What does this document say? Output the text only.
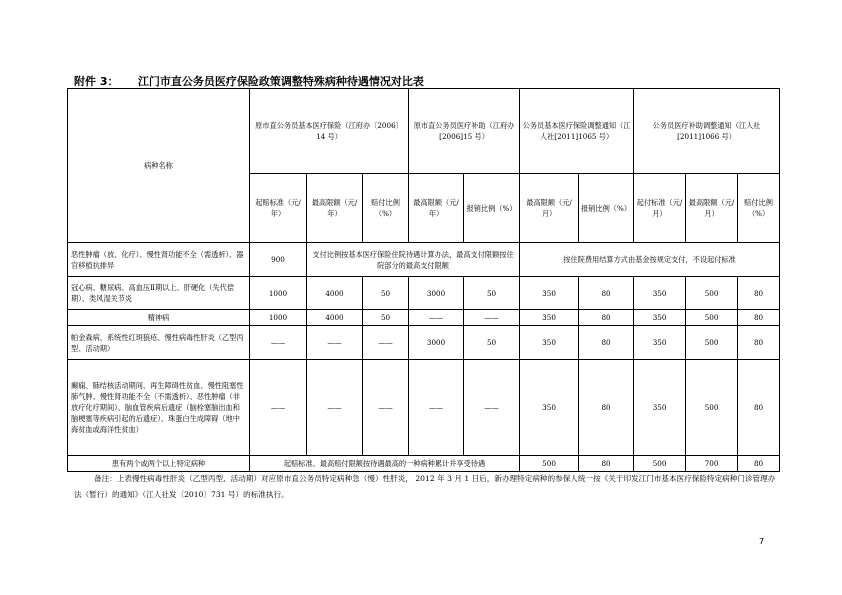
附件 3： 江门市直公务员医疗保险政策调整特殊病种待遇情况对比表
病种名称	原市直公务员基本医疗保险（江府办〔2006〕14 号）			原市直公务员医疗补助（江府办[2006]15 号）		公务员基本医疗保险调整通知（江人社[2011]1065 号）		公务员医疗补助调整通知（江人社[2011]1066 号）		
	起赔标准（元/年）	最高限额（元/年）	赔付比例（%）	最高限额（元/年）	报销比例（%）	最高限额（元/月）	报销比例（%）	起付标准（元/月）	最高限额（元/月）	赔付比例（%）
恶性肿瘤（放、化疗）、慢性肾功能不全（需透析）、器官移植抗排异	900	支付比例按基本医疗保险住院待遇计算办法，最高支付限额按住院部分的最高支付限额				按住院费用结算方式由基金按规定支付，不设起付标准				
冠心病、糖尿病、高血压Ⅱ期以上、肝硬化（失代偿期）、类风湿关节炎	1000	4000	50	3000	50	350	80	350	500	80
精神病	1000	4000	50	——	——	350	80	350	500	80
帕金森病、系统性红斑狼疮、慢性病毒性肝炎（乙型丙型、活动期）	——	——	——	3000	50	350	80	350	500	80
癫痫、肺结核活动期间、再生障碍性贫血、慢性阻塞性肺气肿、慢性肾功能不全（不需透析）、恶性肿瘤（非放疗化疗期间）、脑血管疾病后遗症（脑栓塞脑出血和脑梗塞等疾病引起的后遗症）、珠蛋白生成障碍（地中海贫血或海洋性贫血）	——	——	——	——	——	350	80	350	500	80
患有两个或两个以上特定病种	起赔标准、最高赔付限额按待遇最高的一种病种累计并享受待遇					500	80	500	700	80
备注：上表慢性病毒性肝炎（乙型丙型、活动期）对应原市直公务员特定病种急（慢）性肝炎， 2012 年 3 月 1 日后，新办理特定病种的参保人统一按《关于印发江门市基本医疗保险特定病种门诊管理办法（暂行）的通知》（江人社发〔2010〕731 号）的标准执行。
7
